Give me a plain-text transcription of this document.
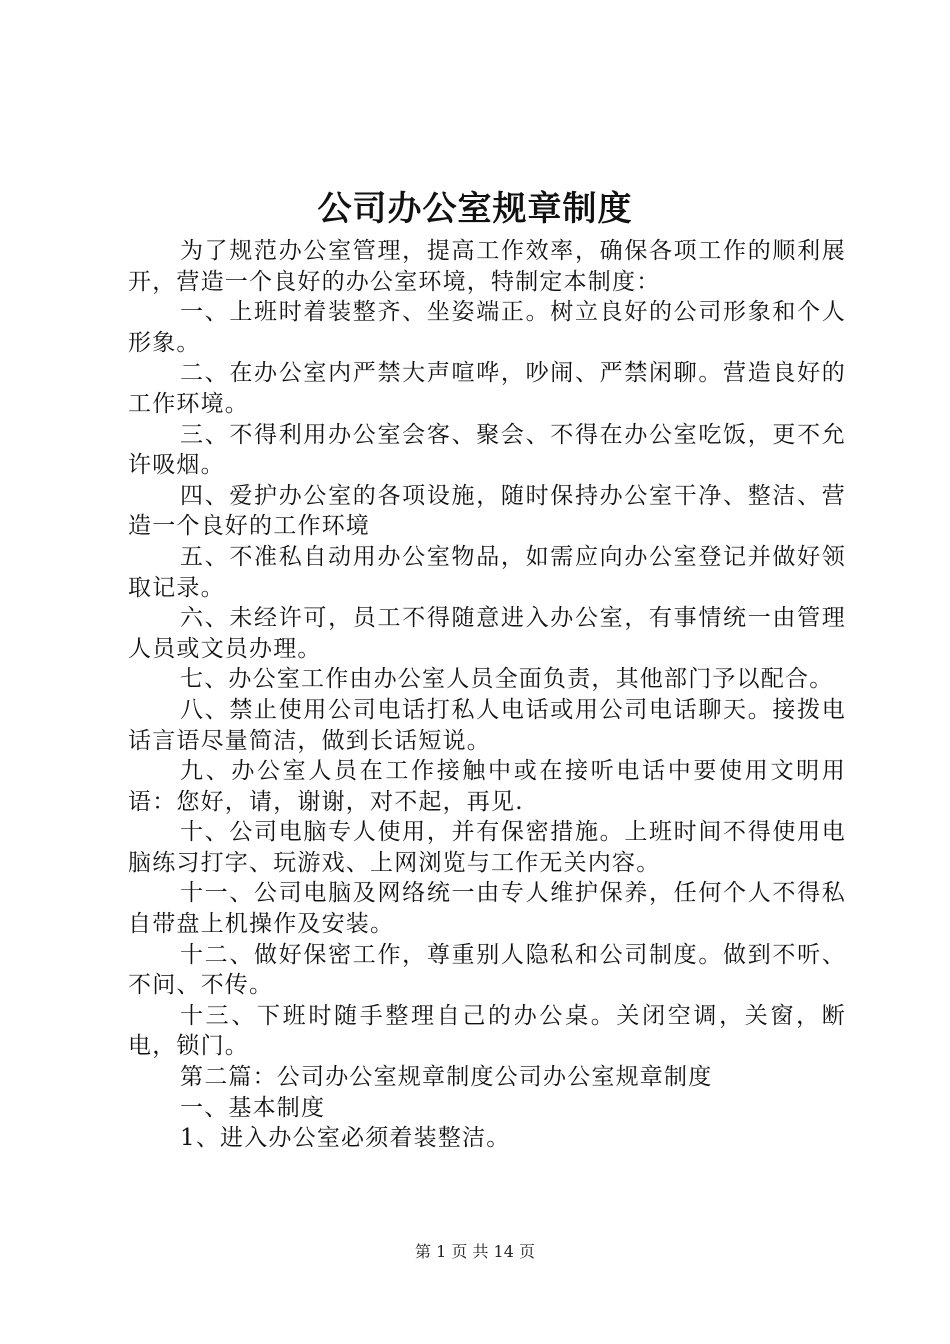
公司办公室规章制度

为了规范办公室管理，提高工作效率，确保各项工作的顺利展开，营造一个良好的办公室环境，特制定本制度：

一、上班时着装整齐、坐姿端正。树立良好的公司形象和个人形象。

二、在办公室内严禁大声喧哗，吵闹、严禁闲聊。营造良好的工作环境。

三、不得利用办公室会客、聚会、不得在办公室吃饭，更不允许吸烟。

四、爱护办公室的各项设施，随时保持办公室干净、整洁、营造一个良好的工作环境

五、不准私自动用办公室物品，如需应向办公室登记并做好领取记录。

六、未经许可，员工不得随意进入办公室，有事情统一由管理人员或文员办理。

七、办公室工作由办公室人员全面负责，其他部门予以配合。

八、禁止使用公司电话打私人电话或用公司电话聊天。接拨电话言语尽量简洁，做到长话短说。

九、办公室人员在工作接触中或在接听电话中要使用文明用语：您好，请，谢谢，对不起，再见.

十、公司电脑专人使用，并有保密措施。上班时间不得使用电脑练习打字、玩游戏、上网浏览与工作无关内容。

十一、公司电脑及网络统一由专人维护保养，任何个人不得私自带盘上机操作及安装。

十二、做好保密工作，尊重别人隐私和公司制度。做到不听、不问、不传。

十三、下班时随手整理自己的办公桌。关闭空调，关窗，断电，锁门。

第二篇：公司办公室规章制度公司办公室规章制度

一、基本制度

1、进入办公室必须着装整洁。

第 1 页 共 14 页
